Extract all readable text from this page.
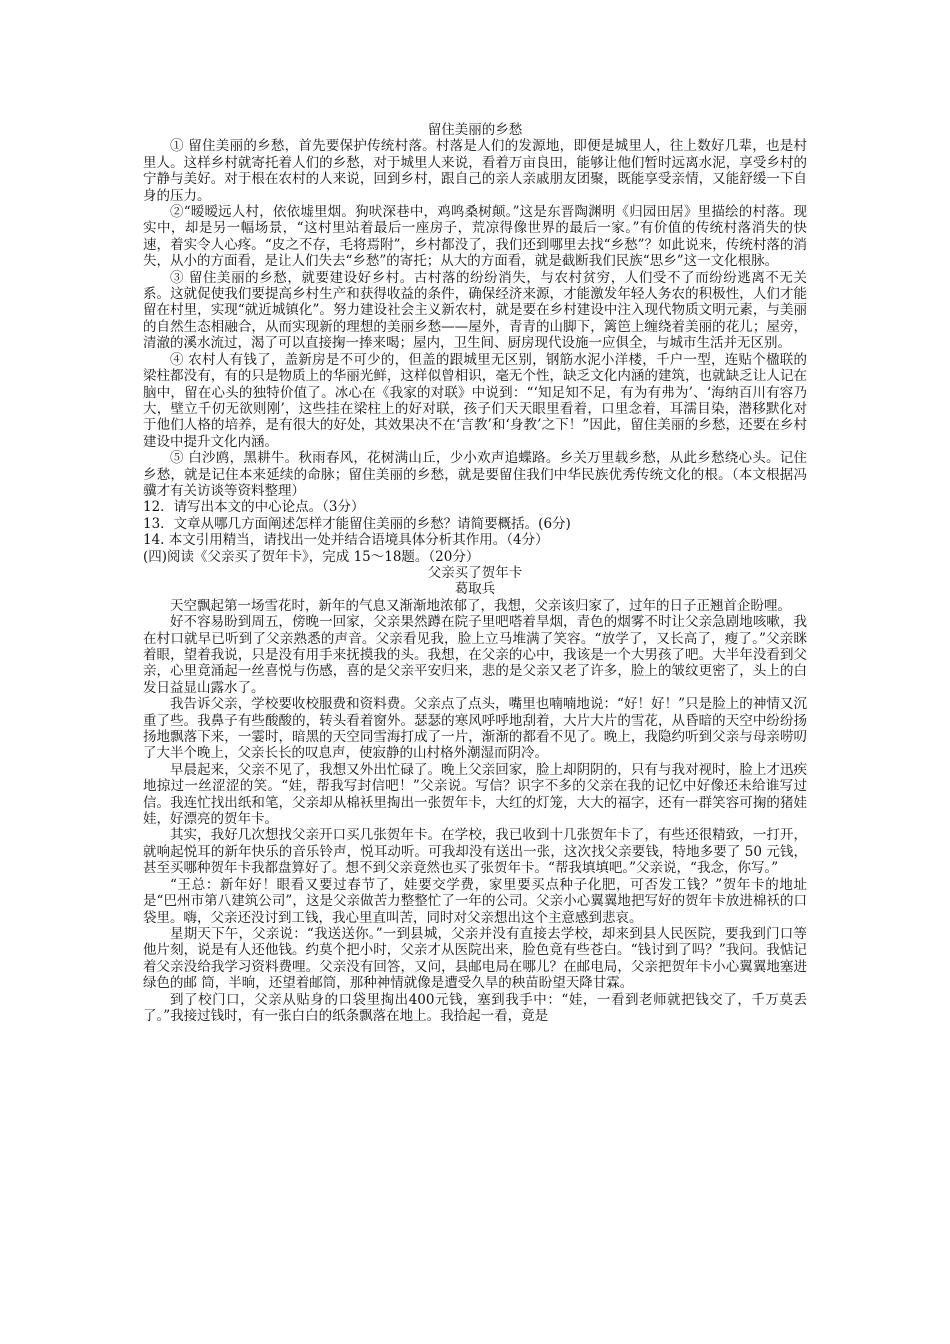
留住美丽的乡愁
① 留住美丽的乡愁，首先要保护传统村落。村落是人们的发源地，即便是城里人，往上数好几辈，也是村里人。这样乡村就寄托着人们的乡愁，对于城里人来说，看着万亩良田，能够让他们暂时远离水泥，享受乡村的宁静与美好。对于根在农村的人来说，回到乡村，跟自己的亲人亲戚朋友团聚，既能享受亲情，又能舒缓一下自身的压力。
②“暧暧远人村，依依墟里烟。狗吠深巷中，鸡鸣桑树颠。”这是东晋陶渊明《归园田居》里描绘的村落。现实中，却是另一幅场景，“这村里站着最后一座房子，荒凉得像世界的最后一家。”有价值的传统村落消失的快速，着实令人心疼。“皮之不存，毛将焉附”，乡村都没了，我们还到哪里去找“乡愁”？如此说来，传统村落的消失，从小的方面看，是让人们失去“乡愁”的寄托；从大的方面看，就是截断我们民族“思乡”这一文化根脉。
③ 留住美丽的乡愁，就要建设好乡村。古村落的纷纷消失，与农村贫穷，人们受不了而纷纷逃离不无关系。这就促使我们要提高乡村生产和获得收益的条件，确保经济来源，才能激发年轻人务农的积极性，人们才能留在村里，实现“就近城镇化”。努力建设社会主义新农村，就是要在乡村建设中注入现代物质文明元素，与美丽的自然生态相融合，从而实现新的理想的美丽乡愁——屋外，青青的山脚下，篱笆上缠绕着美丽的花儿；屋旁，清澈的溪水流过，渴了可以直接掬一捧来喝；屋内，卫生间、厨房现代设施一应俱全，与城市生活并无区别。
④ 农村人有钱了，盖新房是不可少的，但盖的跟城里无区别，钢筋水泥小洋楼，千户一型，连贴个楹联的梁柱都没有，有的只是物质上的华丽光鲜，这样似曾相识，毫无个性，缺乏文化内涵的建筑，也就缺乏让人记在脑中，留在心头的独特价值了。冰心在《我家的对联》中说到：“‘知足知不足，有为有弗为’、‘海纳百川有容乃大，壁立千仞无欲则刚’，这些挂在梁柱上的好对联，孩子们天天眼里看着，口里念着，耳濡目染，潜移默化对于他们人格的培养，是有很大的好处，其效果决不在‘言教’和‘身教’之下！”因此，留住美丽的乡愁，还要在乡村建设中提升文化内涵。
⑤ 白沙鸥，黑耕牛。秋雨春风，花树满山丘，少小欢声追蝶路。乡关万里载乡愁，从此乡愁绕心头。记住乡愁，就是记住本来延续的命脉；留住美丽的乡愁，就是要留住我们中华民族优秀传统文化的根。（本文根据冯骥才有关访谈等资料整理）
12．请写出本文的中心论点。（3分）
13．文章从哪几方面阐述怎样才能留住美丽的乡愁？请简要概括。(6分)
14. 本文引用精当，请找出一处并结合语境具体分析其作用。（4分）
(四)阅读《父亲买了贺年卡》，完成 15～18题。（20分）
父亲买了贺年卡
葛取兵
天空飘起第一场雪花时，新年的气息又渐渐地浓郁了，我想，父亲该归家了，过年的日子正翘首企盼哩。
好不容易盼到周五，傍晚一回家，父亲果然蹲在院子里吧嗒着旱烟，青色的烟雾不时让父亲急剧地咳嗽，我在村口就早已听到了父亲熟悉的声音。父亲看见我，脸上立马堆满了笑容。“放学了，又长高了，瘦了。”父亲眯着眼，望着我说，只是没有用手来抚摸我的头。我想，在父亲的心中，我该是一个大男孩了吧。大半年没看到父亲，心里竟涌起一丝喜悦与伤感，喜的是父亲平安归来，悲的是父亲又老了许多，脸上的皱纹更密了，头上的白发日益显山露水了。
我告诉父亲，学校要收校服费和资料费。父亲点了点头，嘴里也喃喃地说：“好！好！”只是脸上的神情又沉重了些。我鼻子有些酸酸的，转头看着窗外。瑟瑟的寒风呼呼地刮着，大片大片的雪花，从昏暗的天空中纷纷扬扬地飘落下来，一霎时，暗黑的天空同雪海打成了一片，渐渐的都看不见了。晚上，我隐约听到父亲与母亲唠叨了大半个晚上，父亲长长的叹息声，使寂静的山村格外潮湿而阴冷。
早晨起来，父亲不见了，我想又外出忙碌了。晚上父亲回家，脸上却阴阴的，只有与我对视时，脸上才迅疾地掠过一丝涩涩的笑。“娃，帮我写封信吧！”父亲说。写信？识字不多的父亲在我的记忆中好像还未给谁写过信。我连忙找出纸和笔，父亲却从棉袄里掏出一张贺年卡，大红的灯笼，大大的福字，还有一群笑容可掬的猪娃娃，好漂亮的贺年卡。
其实，我好几次想找父亲开口买几张贺年卡。在学校，我已收到十几张贺年卡了，有些还很精致，一打开，就响起悦耳的新年快乐的音乐铃声，悦耳动听。可我却没有送出一张，这次找父亲要钱，特地多要了 50 元钱，甚至买哪种贺年卡我都盘算好了。想不到父亲竟然也买了张贺年卡。“帮我填填吧。”父亲说，“我念，你写。”
“王总：新年好！眼看又要过春节了，娃要交学费，家里要买点种子化肥，可否发工钱？”贺年卡的地址是“巴州市第八建筑公司”，这是父亲做苦力整整忙了一年的公司。父亲小心翼翼地把写好的贺年卡放进棉袄的口袋里。嗨，父亲还没讨到工钱，我心里直叫苦，同时对父亲想出这个主意感到悲哀。
星期天下午，父亲说：“我送送你。”一到县城，父亲并没有直接去学校，却来到县人民医院，要我到门口等他片刻，说是有人还他钱。约莫个把小时，父亲才从医院出来，脸色竟有些苍白。“钱讨到了吗？”我问。我惦记着父亲没给我学习资料费哩。父亲没有回答，又问，县邮电局在哪儿？在邮电局，父亲把贺年卡小心翼翼地塞进绿色的邮 筒，半晌，还望着邮筒，那种神情就像是遭受久旱的秧苗盼望天降甘霖。
到了校门口，父亲从贴身的口袋里掏出400元钱，塞到我手中：“娃，一看到老师就把钱交了，千万莫丢了。”我接过钱时，有一张白白的纸条飘落在地上。我拾起一看，竟是
